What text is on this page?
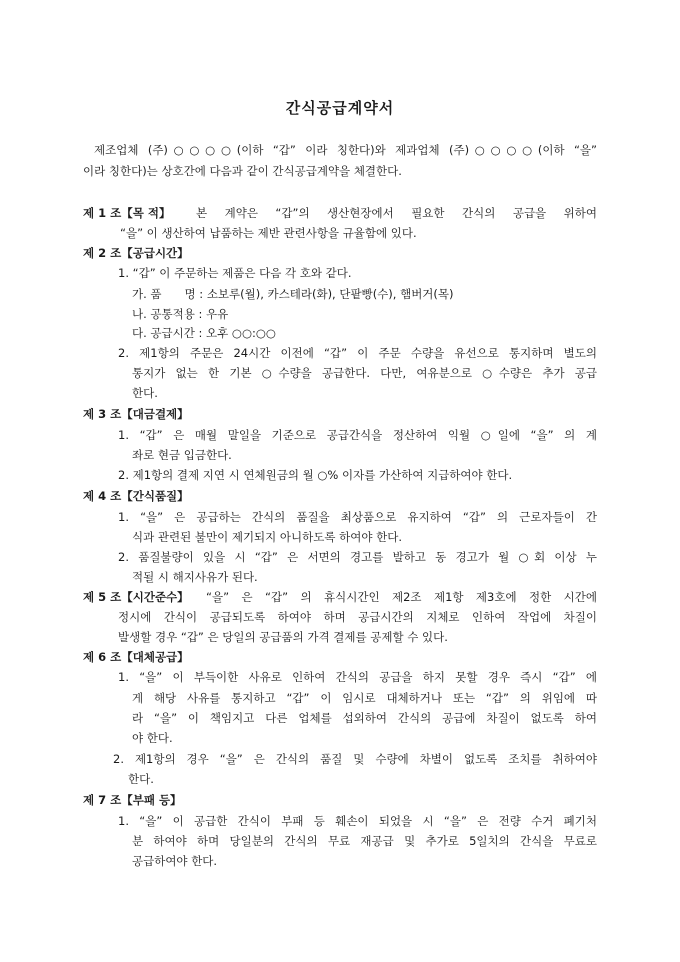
간식공급계약서
제조업체 (주)○○○○(이하 “갑” 이라 칭한다)와 제과업체 (주)○○○○(이하 “을”
이라 칭한다)는 상호간에 다음과 같이 간식공급계약을 체결한다.
제 1 조【목 적】 본 계약은 “갑”의 생산현장에서 필요한 간식의 공급을 위하여
“을” 이 생산하여 납품하는 제반 관련사항을 규율함에 있다.
제 2 조【공급시간】
1. “갑” 이 주문하는 제품은 다음 각 호와 같다.
가. 품　　명 : 소보루(월), 카스테라(화), 단팥빵(수), 햄버거(목)
나. 공통적용 : 우유
다. 공급시간 : 오후 ○○:○○
2. 제1항의 주문은 24시간 이전에 “갑” 이 주문 수량을 유선으로 통지하며 별도의
통지가 없는 한 기본 ○수량을 공급한다. 다만, 여유분으로 ○수량은 추가 공급
한다.
제 3 조【대금결제】
1. “갑” 은 매월 말일을 기준으로 공급간식을 정산하여 익월 ○일에 “을” 의 계
좌로 현금 입금한다.
2. 제1항의 결제 지연 시 연체원금의 월 ○% 이자를 가산하여 지급하여야 한다.
제 4 조【간식품질】
1. “을” 은 공급하는 간식의 품질을 최상품으로 유지하여 “갑” 의 근로자들이 간
식과 관련된 불만이 제기되지 아니하도록 하여야 한다.
2. 품질불량이 있을 시 “갑” 은 서면의 경고를 발하고 동 경고가 월 ○회 이상 누
적될 시 해지사유가 된다.
제 5 조【시간준수】 “을” 은 “갑” 의 휴식시간인 제2조 제1항 제3호에 정한 시간에
정시에 간식이 공급되도록 하여야 하며 공급시간의 지체로 인하여 작업에 차질이
발생할 경우 “갑” 은 당일의 공급품의 가격 결제를 공제할 수 있다.
제 6 조【대체공급】
1. “을” 이 부득이한 사유로 인하여 간식의 공급을 하지 못할 경우 즉시 “갑” 에
게 해당 사유를 통지하고 “갑” 이 임시로 대체하거나 또는 “갑” 의 위임에 따
라 “을” 이 책임지고 다른 업체를 섭외하여 간식의 공급에 차질이 없도록 하여
야 한다.
2. 제1항의 경우 “을” 은 간식의 품질 및 수량에 차별이 없도록 조치를 취하여야
한다.
제 7 조【부패 등】
1. “을” 이 공급한 간식이 부패 등 훼손이 되었을 시 “을” 은 전량 수거 폐기처
분 하여야 하며 당일분의 간식의 무료 재공급 및 추가로 5일치의 간식을 무료로
공급하여야 한다.
